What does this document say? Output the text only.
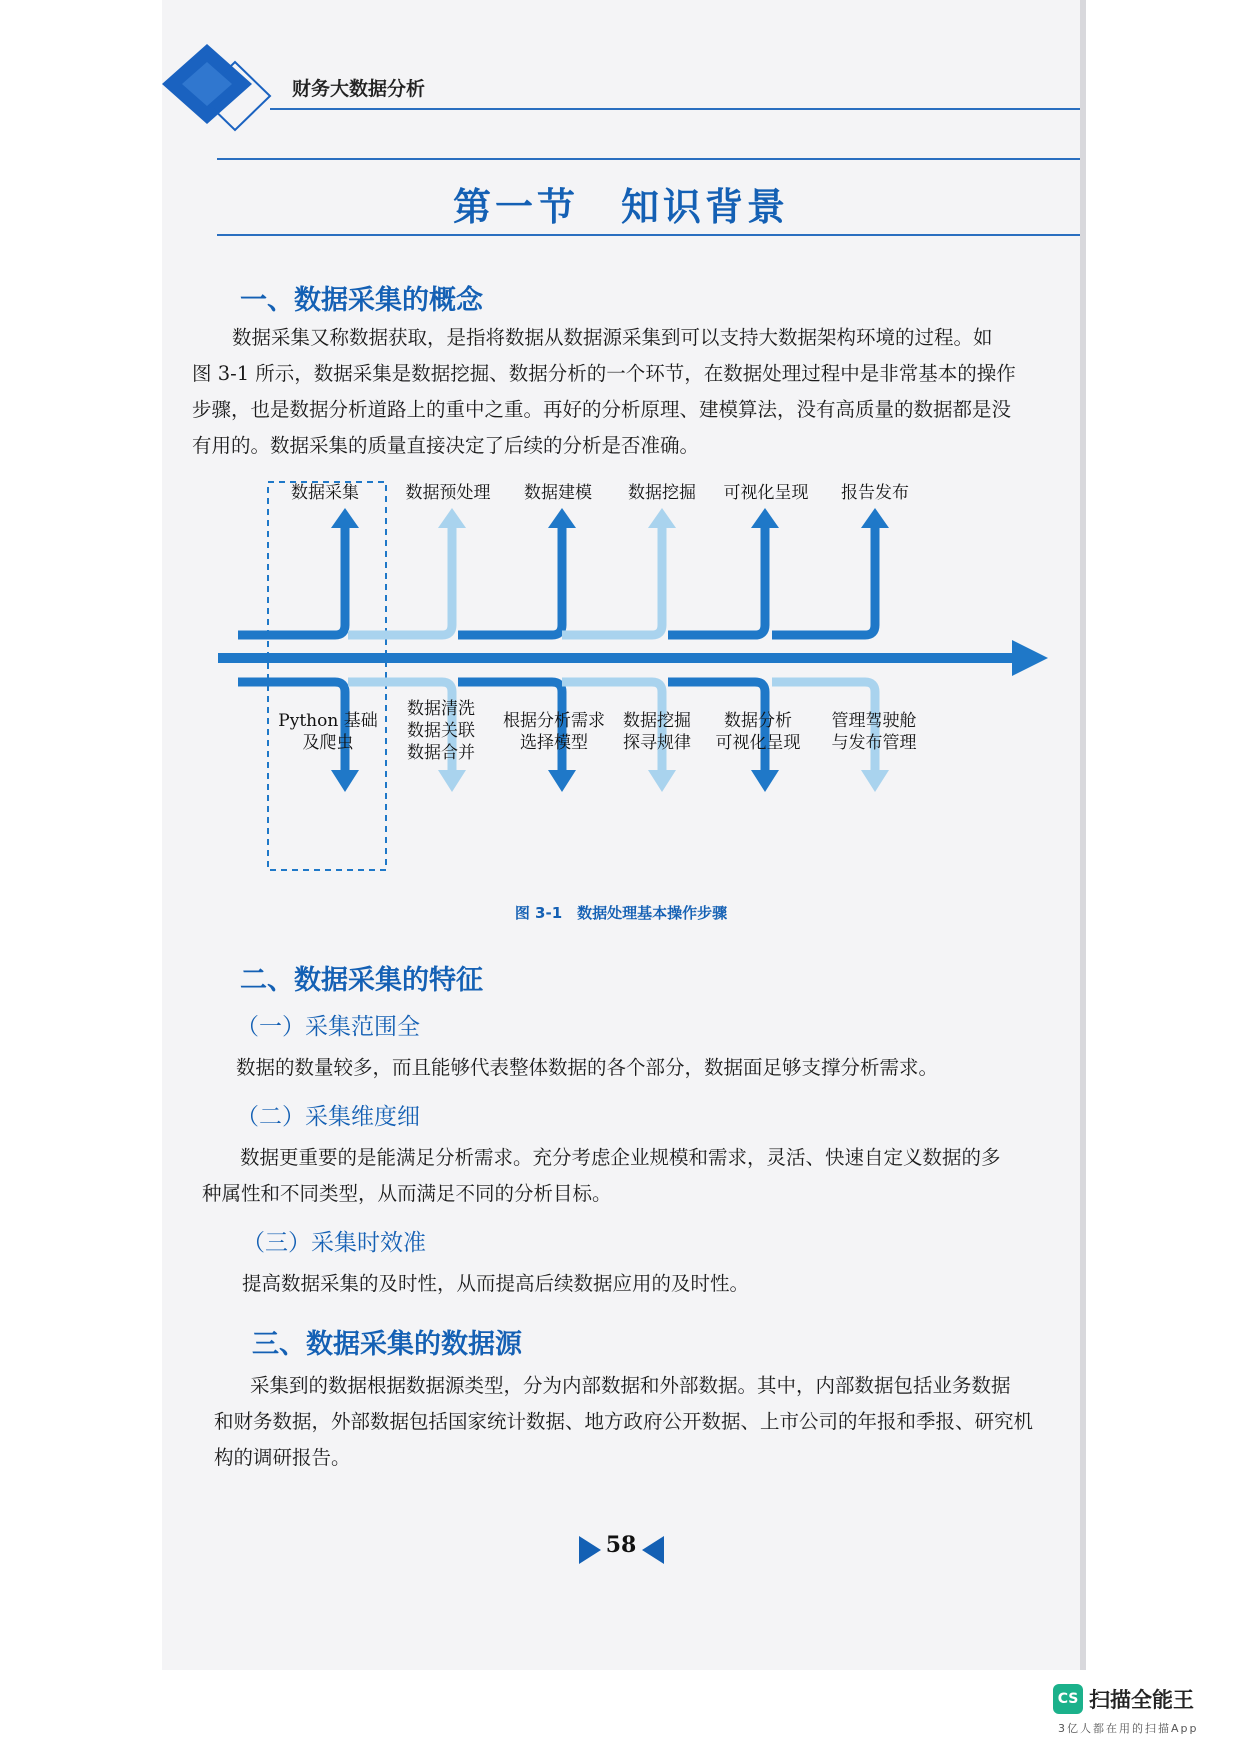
财务大数据分析
第一节　知识背景
一、数据采集的概念

数据采集又称数据获取，是指将数据从数据源采集到可以支持大数据架构环境的过程。如

图 3-1 所示，数据采集是数据挖掘、数据分析的一个环节，在数据处理过程中是非常基本的操作

步骤，也是数据分析道路上的重中之重。再好的分析原理、建模算法，没有高质量的数据都是没

有用的。数据采集的质量直接决定了后续的分析是否准确。

数据采集	数据预处理 数据建模 数据挖掘 可视化呈现 报告发布
Python 基础
及爬虫
数据清洗
数据关联
数据合并
根据分析需求
选择模型
数据挖掘
探寻规律
数据分析
可视化呈现
管理驾驶舱
与发布管理
图 3-1　数据处理基本操作步骤
二、数据采集的特征
（一）采集范围全

数据的数量较多，而且能够代表整体数据的各个部分，数据面足够支撑分析需求。

（二）采集维度细

数据更重要的是能满足分析需求。充分考虑企业规模和需求，灵活、快速自定义数据的多

种属性和不同类型，从而满足不同的分析目标。

（三）采集时效准

提高数据采集的及时性，从而提高后续数据应用的及时性。

三、数据采集的数据源

采集到的数据根据数据源类型，分为内部数据和外部数据。其中，内部数据包括业务数据

和财务数据，外部数据包括国家统计数据、地方政府公开数据、上市公司的年报和季报、研究机

构的调研报告。

58
CS 扫描全能王
3亿人都在用的扫描App
